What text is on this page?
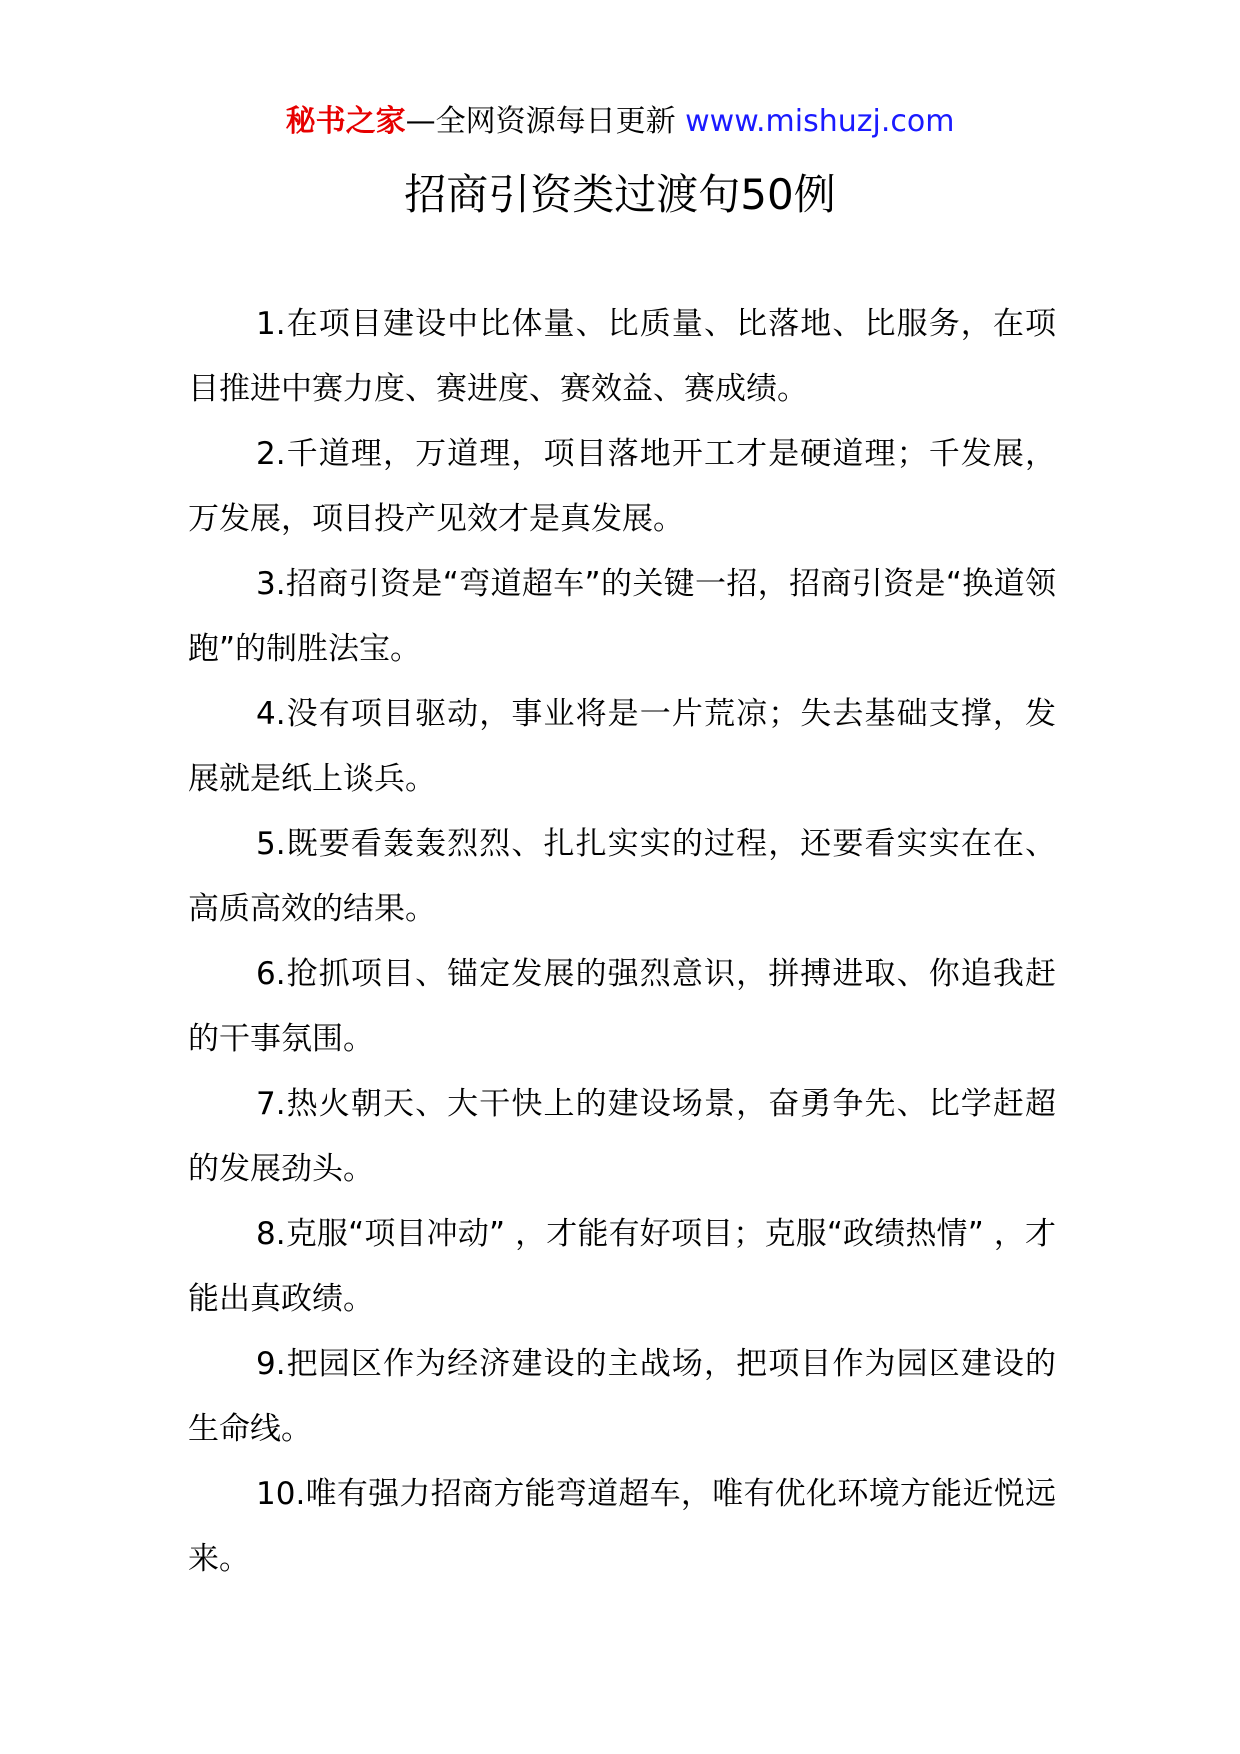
秘书之家—全网资源每日更新 www.mishuzj.com
招商引资类过渡句50例

1.在项目建设中比体量、比质量、比落地、比服务，在项目推进中赛力度、赛进度、赛效益、赛成绩。

2.千道理，万道理，项目落地开工才是硬道理；千发展，万发展，项目投产见效才是真发展。

3.招商引资是“弯道超车”的关键一招，招商引资是“换道领跑”的制胜法宝。

4.没有项目驱动，事业将是一片荒凉；失去基础支撑，发展就是纸上谈兵。

5.既要看轰轰烈烈、扎扎实实的过程，还要看实实在在、高质高效的结果。

6.抢抓项目、锚定发展的强烈意识，拼搏进取、你追我赶的干事氛围。

7.热火朝天、大干快上的建设场景，奋勇争先、比学赶超的发展劲头。

8.克服“项目冲动” ，才能有好项目；克服“政绩热情” ，才能出真政绩。

9.把园区作为经济建设的主战场，把项目作为园区建设的生命线。

10.唯有强力招商方能弯道超车，唯有优化环境方能近悦远来。
